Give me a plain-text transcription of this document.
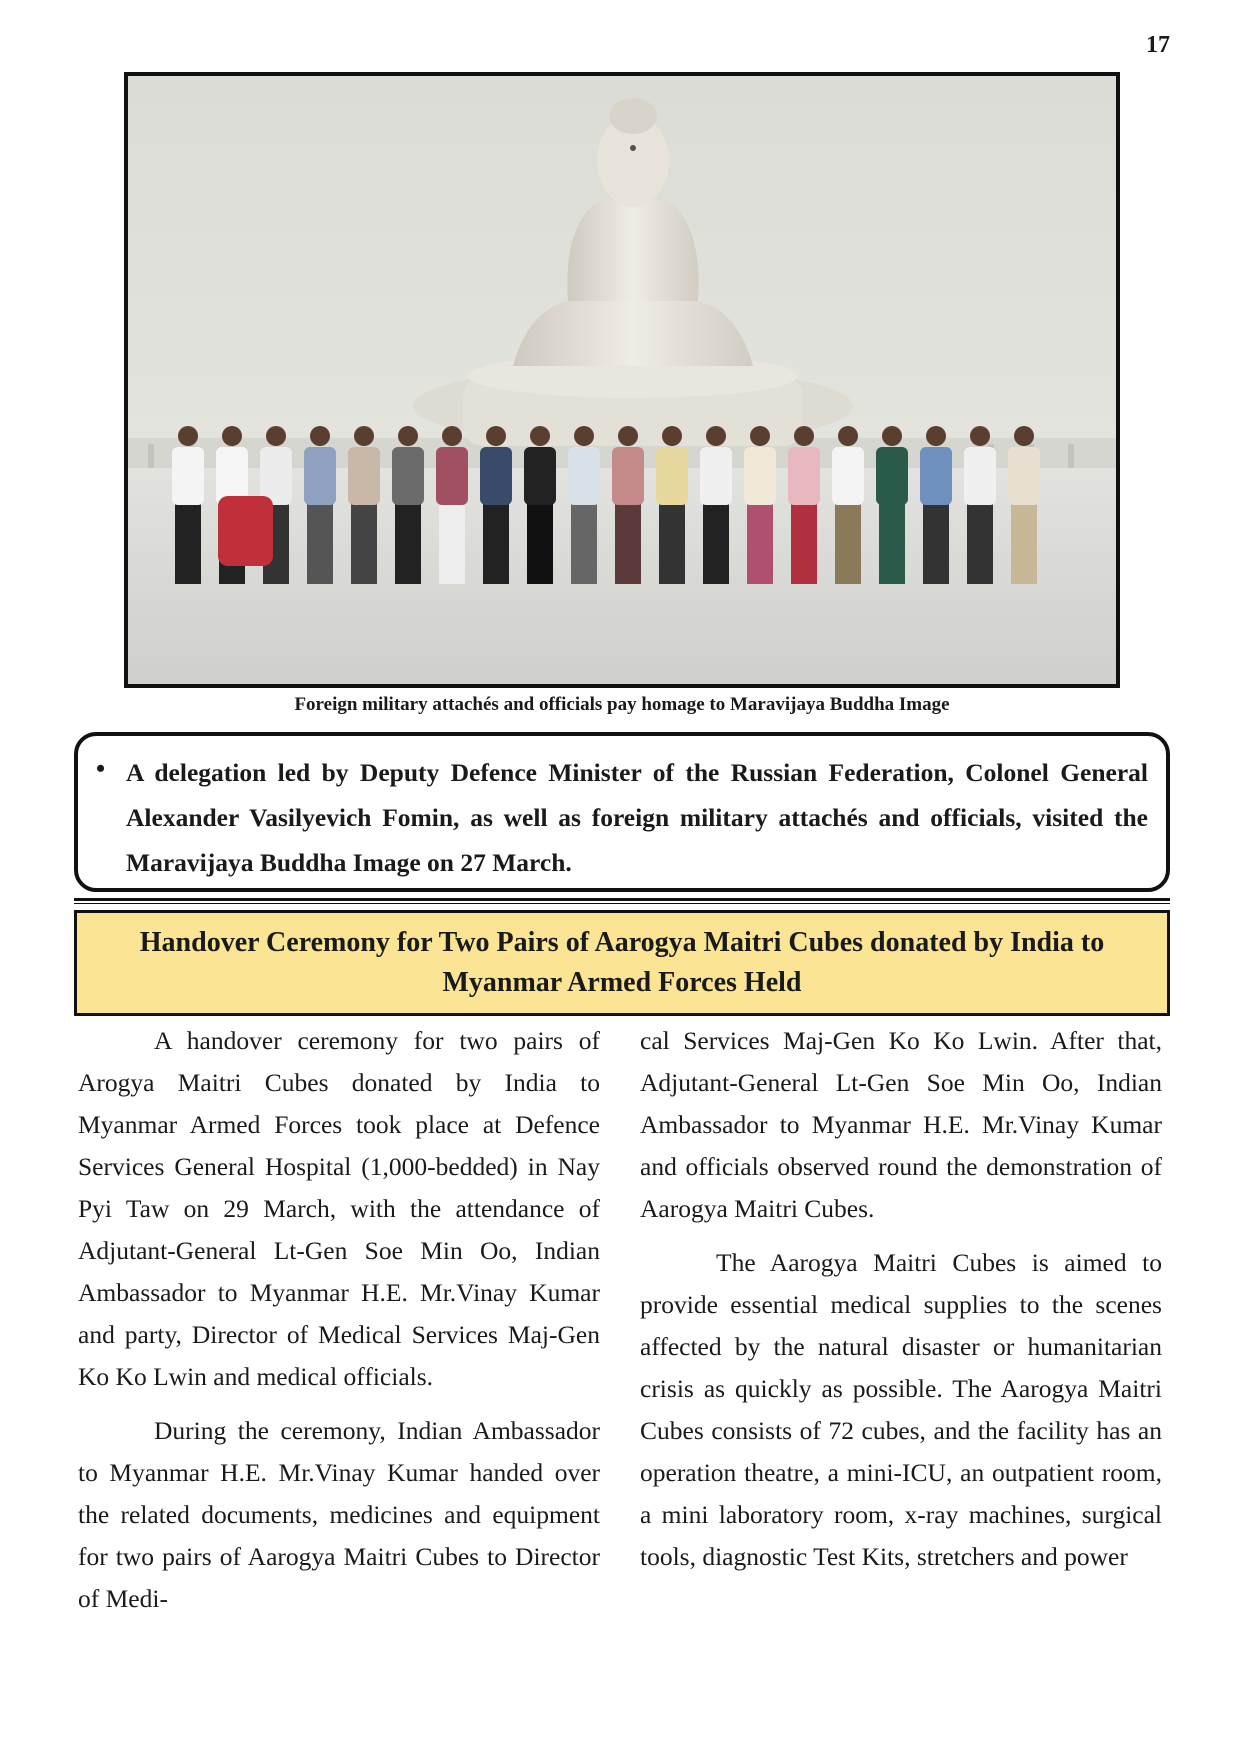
17
Foreign military attachés and officials pay homage to Maravijaya Buddha Image
• A delegation led by Deputy Defence Minister of the Russian Federation, Colonel General Alexander Vasilyevich Fomin, as well as foreign military attachés and officials, visited the Maravijaya Buddha Image on 27 March.

Handover Ceremony for Two Pairs of Aarogya Maitri Cubes donated by India to Myanmar Armed Forces Held

A handover ceremony for two pairs of Arogya Maitri Cubes donated by India to Myanmar Armed Forces took place at Defence Services General Hospital (1,000-bedded) in Nay Pyi Taw on 29 March, with the attendance of Adjutant-General Lt-Gen Soe Min Oo, Indian Ambassador to Myanmar H.E. Mr.Vinay Kumar and party, Director of Medical Services Maj-Gen Ko Ko Lwin and medical officials.

During the ceremony, Indian Ambassador to Myanmar H.E. Mr.Vinay Kumar handed over the related documents, medicines and equipment for two pairs of Aarogya Maitri Cubes to Director of Medi-

cal Services Maj-Gen Ko Ko Lwin. After that, Adjutant-General Lt-Gen Soe Min Oo, Indian Ambassador to Myanmar H.E. Mr.Vinay Kumar and officials observed round the demonstration of Aarogya Maitri Cubes.

The Aarogya Maitri Cubes is aimed to provide essential medical supplies to the scenes affected by the natural disaster or humanitarian crisis as quickly as possible. The Aarogya Maitri Cubes consists of 72 cubes, and the facility has an operation theatre, a mini-ICU, an outpatient room, a mini laboratory room, x-ray machines, surgical tools, diagnostic Test Kits, stretchers and power
